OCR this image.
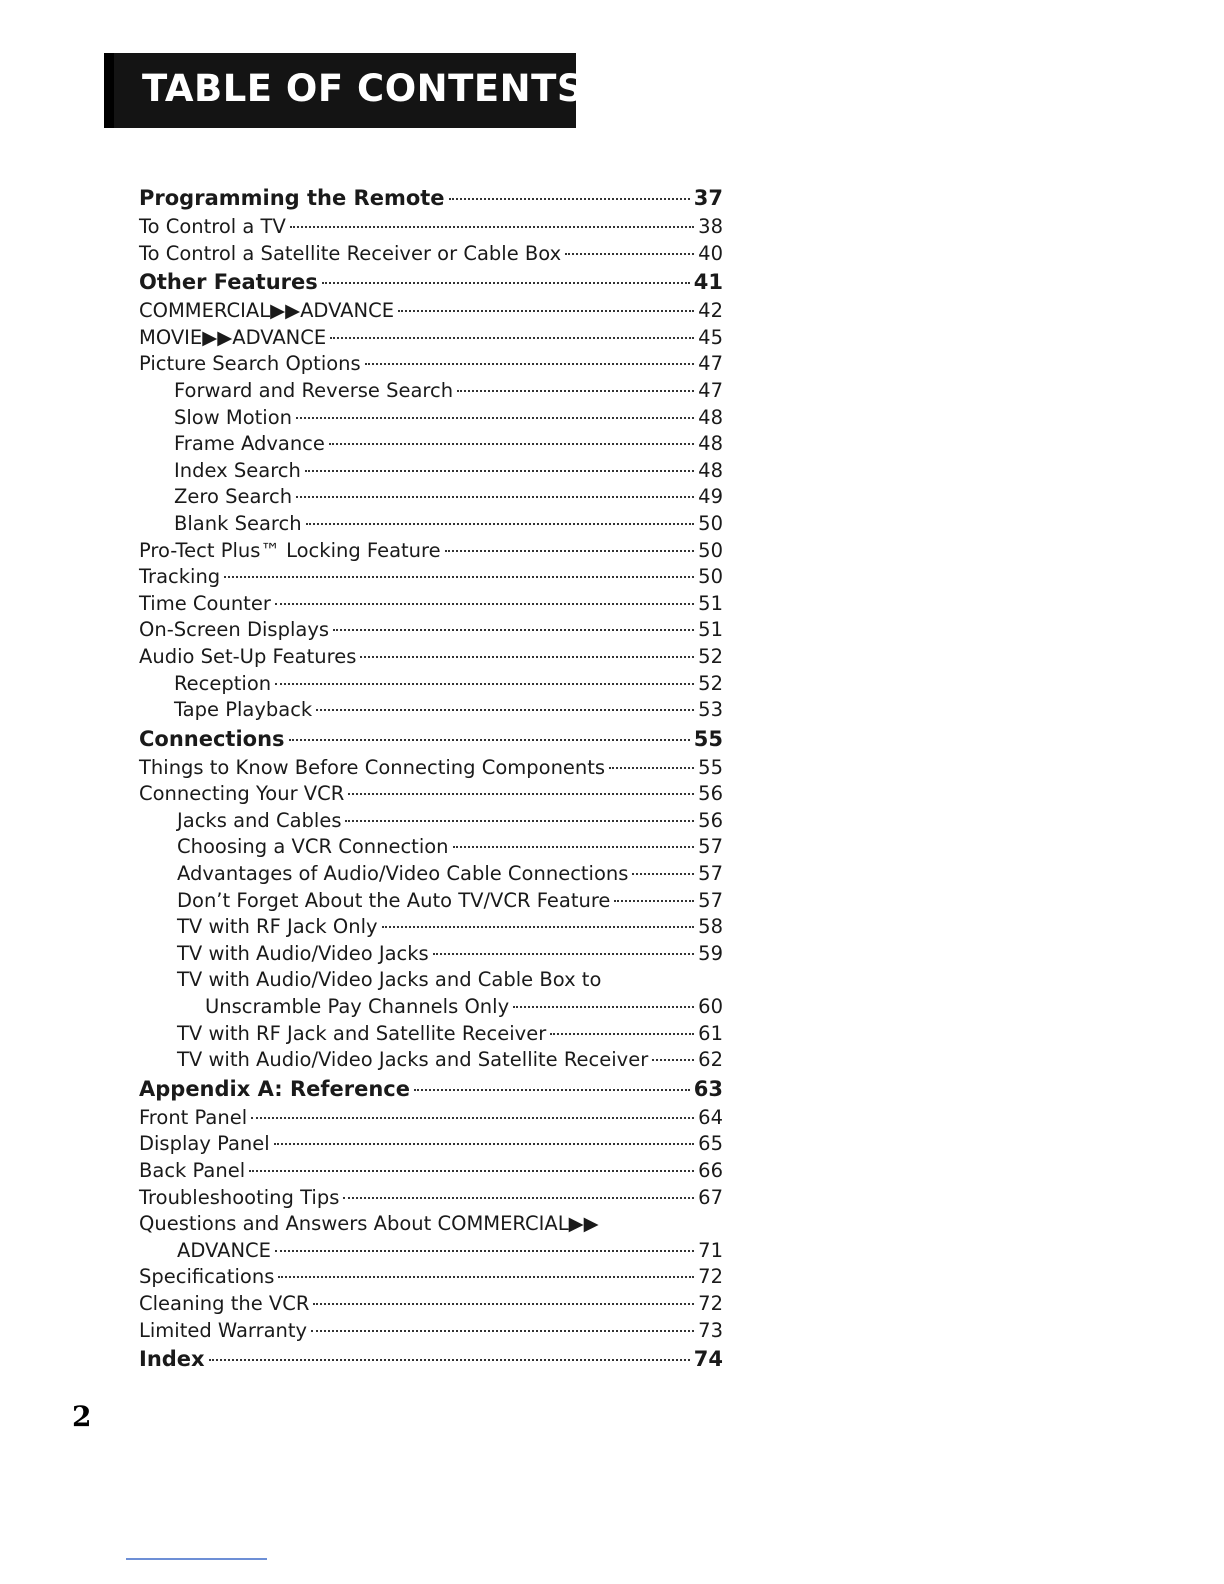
TABLE OF CONTENTS
Programming the Remote	37
To Control a TV	38
To Control a Satellite Receiver or Cable Box	40
Other Features	41
COMMERCIAL▶▶ADVANCE	42
MOVIE▶▶ADVANCE	45
Picture Search Options	47
Forward and Reverse Search	47
Slow Motion	48
Frame Advance	48
Index Search	48
Zero Search	49
Blank Search	50
Pro-Tect Plus™ Locking Feature	50
Tracking	50
Time Counter	51
On-Screen Displays	51
Audio Set-Up Features	52
Reception	52
Tape Playback	53
Connections	55
Things to Know Before Connecting Components	55
Connecting Your VCR	56
Jacks and Cables	56
Choosing a VCR Connection	57
Advantages of Audio/Video Cable Connections	57
Don’t Forget About the Auto TV/VCR Feature	57
TV with RF Jack Only	58
TV with Audio/Video Jacks	59
TV with Audio/Video Jacks and Cable Box to
Unscramble Pay Channels Only	60
TV with RF Jack and Satellite Receiver	61
TV with Audio/Video Jacks and Satellite Receiver	62
Appendix A: Reference	63
Front Panel	64
Display Panel	65
Back Panel	66
Troubleshooting Tips	67
Questions and Answers About COMMERCIAL▶▶
ADVANCE	71
Specifications	72
Cleaning the VCR	72
Limited Warranty	73
Index	74
2
